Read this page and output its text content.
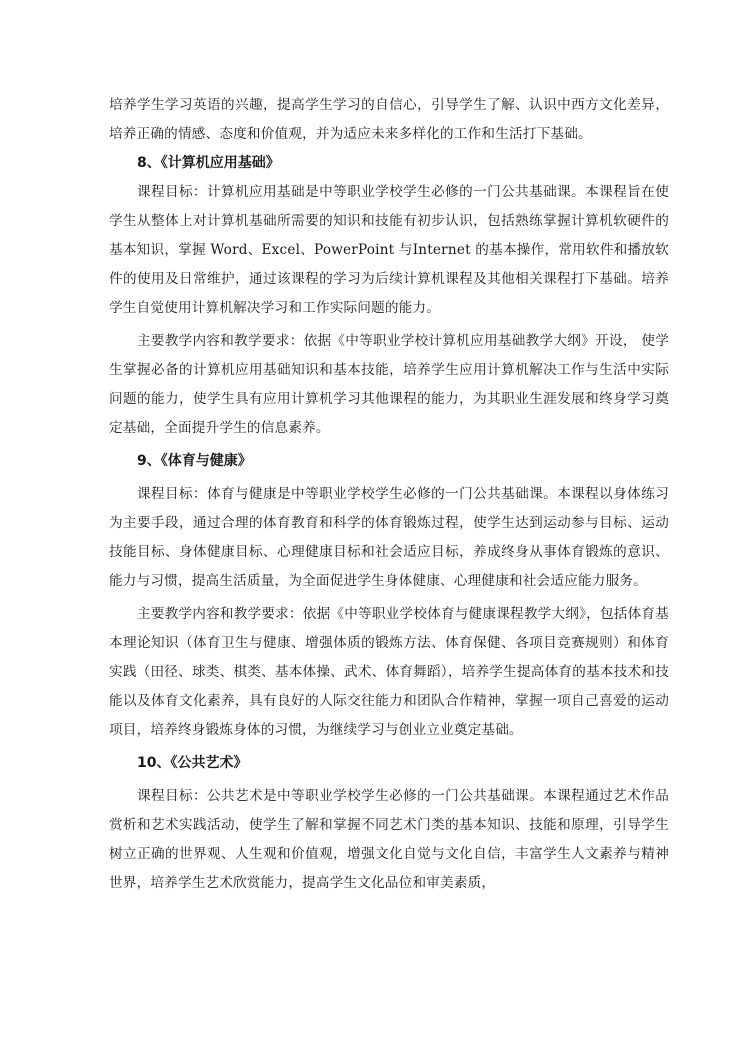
培养学生学习英语的兴趣，提高学生学习的自信心，引导学生了解、认识中西方文化差异，培养正确的情感、态度和价值观，并为适应未来多样化的工作和生活打下基础。

8、《计算机应用基础》

课程目标：计算机应用基础是中等职业学校学生必修的一门公共基础课。本课程旨在使学生从整体上对计算机基础所需要的知识和技能有初步认识，包括熟练掌握计算机软硬件的基本知识，掌握 Word、Excel、PowerPoint 与Internet 的基本操作，常用软件和播放软件的使用及日常维护，通过该课程的学习为后续计算机课程及其他相关课程打下基础。培养学生自觉使用计算机解决学习和工作实际问题的能力。

主要教学内容和教学要求：依据《中等职业学校计算机应用基础教学大纲》开设， 使学生掌握必备的计算机应用基础知识和基本技能，培养学生应用计算机解决工作与生活中实际问题的能力，使学生具有应用计算机学习其他课程的能力，为其职业生涯发展和终身学习奠定基础，全面提升学生的信息素养。

9、《体育与健康》

课程目标：体育与健康是中等职业学校学生必修的一门公共基础课。本课程以身体练习为主要手段，通过合理的体育教育和科学的体育锻炼过程，使学生达到运动参与目标、运动技能目标、身体健康目标、心理健康目标和社会适应目标，养成终身从事体育锻炼的意识、能力与习惯，提高生活质量，为全面促进学生身体健康、心理健康和社会适应能力服务。

主要教学内容和教学要求：依据《中等职业学校体育与健康课程教学大纲》，包括体育基本理论知识（体育卫生与健康、增强体质的锻炼方法、体育保健、各项目竞赛规则）和体育实践（田径、球类、棋类、基本体操、武术、体育舞蹈），培养学生提高体育的基本技术和技能以及体育文化素养，具有良好的人际交往能力和团队合作精神，掌握一项自己喜爱的运动项目，培养终身锻炼身体的习惯，为继续学习与创业立业奠定基础。

10、《公共艺术》

课程目标：公共艺术是中等职业学校学生必修的一门公共基础课。本课程通过艺术作品赏析和艺术实践活动，使学生了解和掌握不同艺术门类的基本知识、技能和原理，引导学生树立正确的世界观、人生观和价值观，增强文化自觉与文化自信，丰富学生人文素养与精神世界，培养学生艺术欣赏能力，提高学生文化品位和审美素质，
